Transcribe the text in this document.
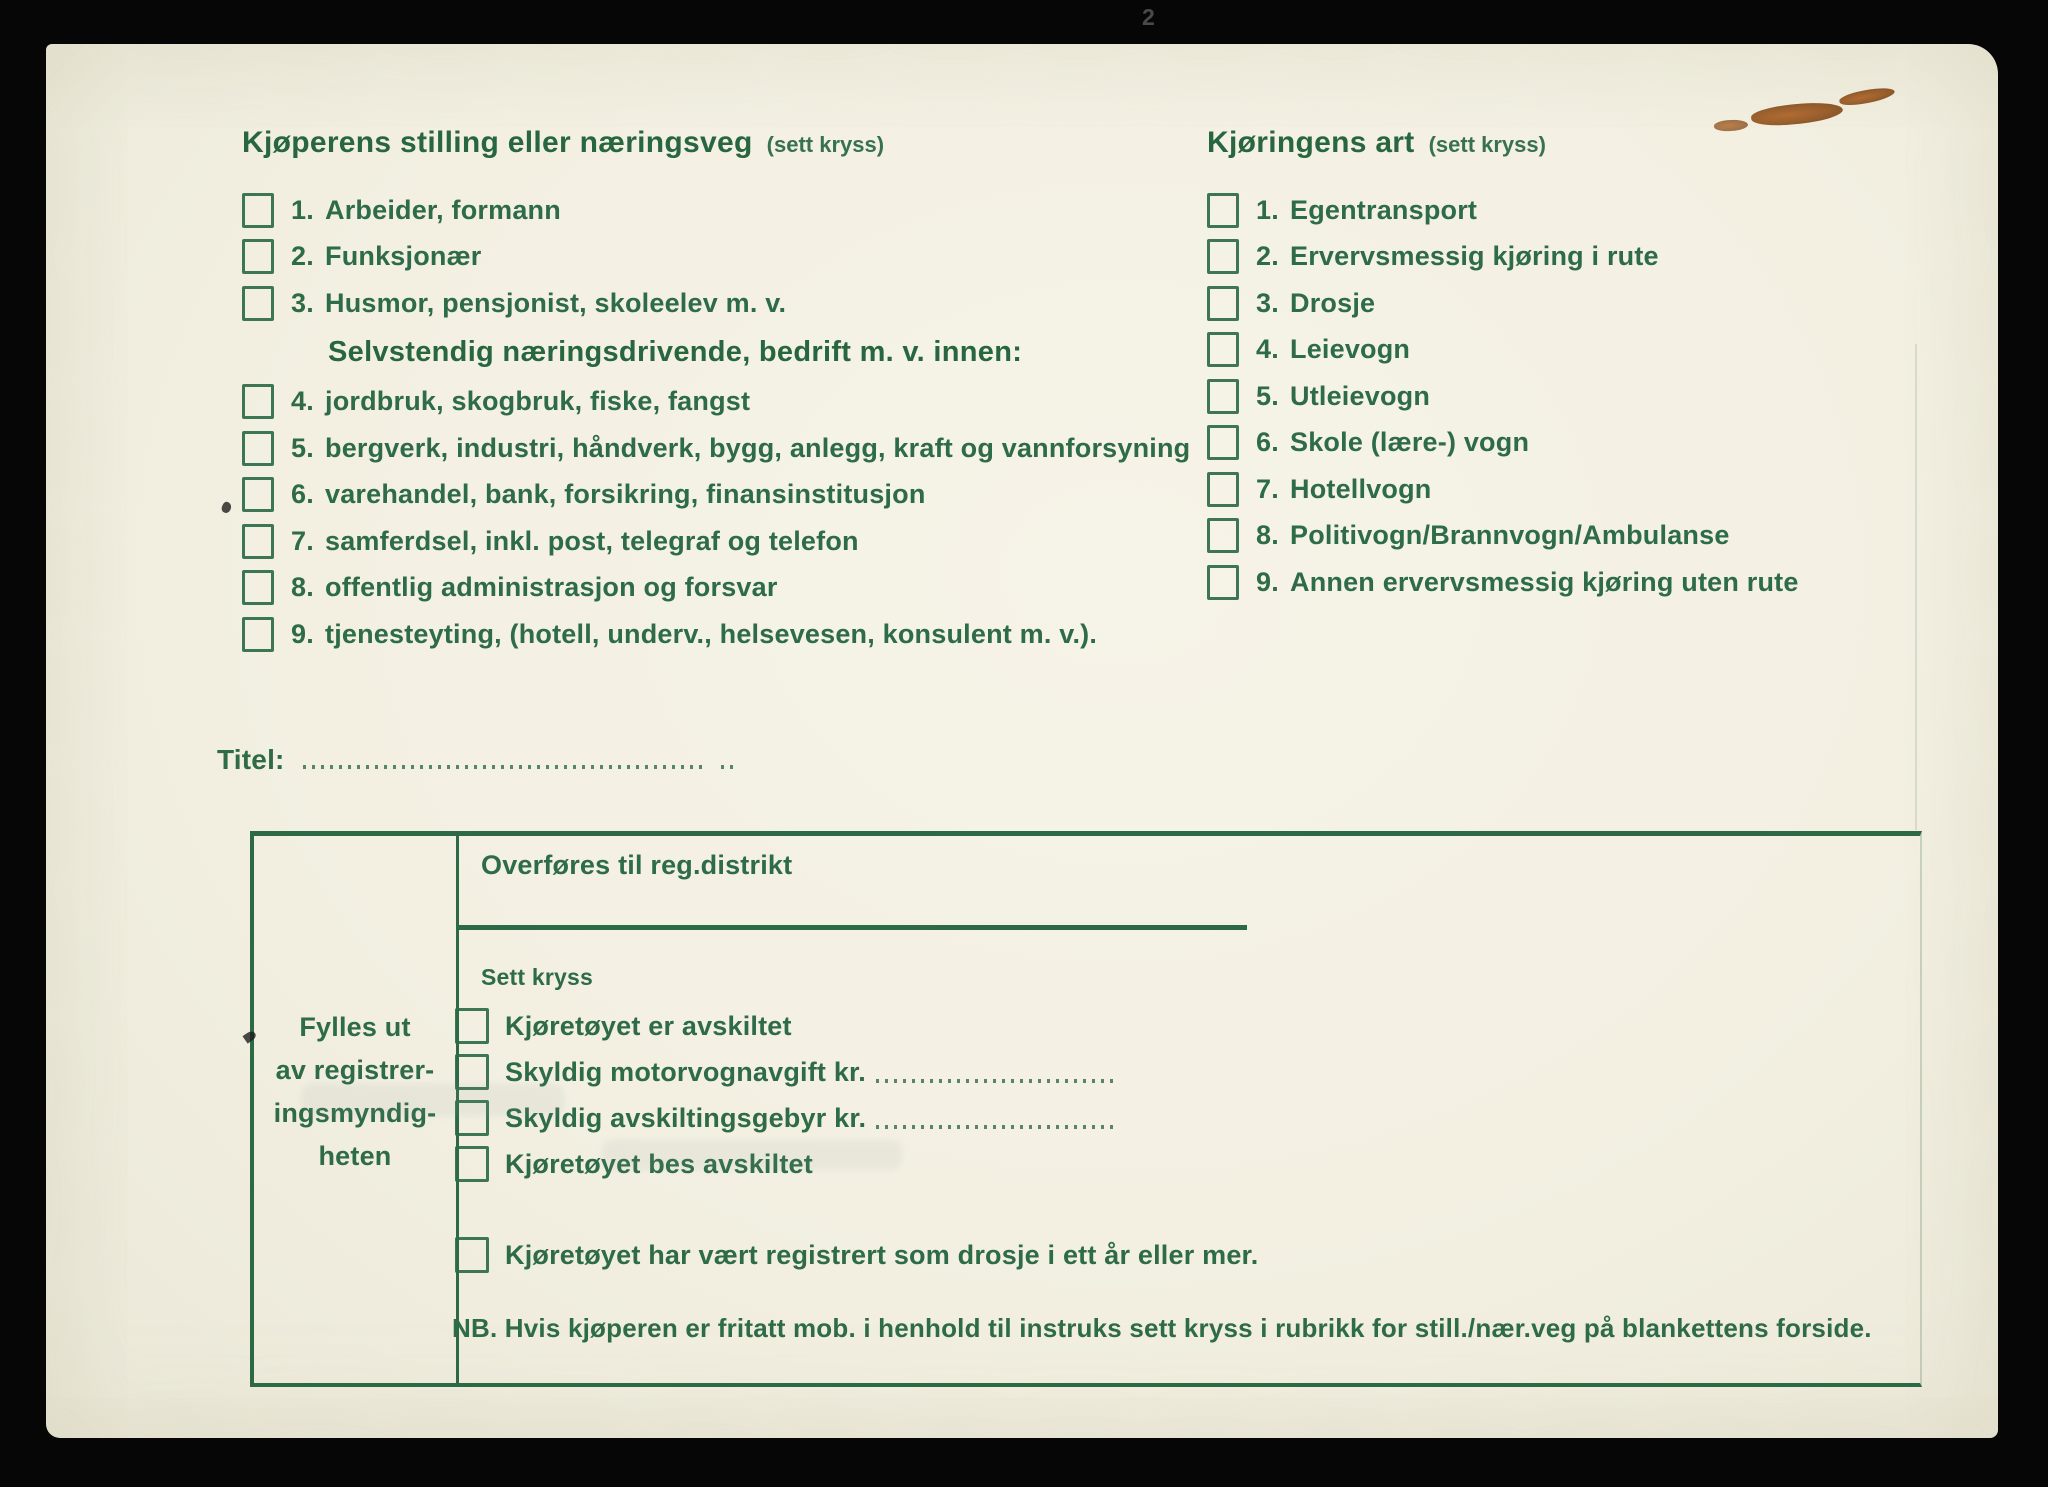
2
Kjøperens stilling eller næringsveg (sett kryss)	Kjøringens art (sett kryss)
1. Arbeider, formann
2. Funksjonær
3. Husmor, pensjonist, skoleelev m. v.
Selvstendig næringsdrivende, bedrift m. v. innen:
4. jordbruk, skogbruk, fiske, fangst
5. bergverk, industri, håndverk, bygg, anlegg, kraft og vannforsyning
6. varehandel, bank, forsikring, finansinstitusjon
7. samferdsel, inkl. post, telegraf og telefon
8. offentlig administrasjon og forsvar
9. tjenesteyting, (hotell, underv., helsevesen, konsulent m. v.).
1. Egentransport
2. Ervervsmessig kjøring i rute
3. Drosje
4. Leievogn
5. Utleievogn
6. Skole (lære-) vogn
7. Hotellvogn
8. Politivogn/Brannvogn/Ambulanse
9. Annen ervervsmessig kjøring uten rute
Titel:
Fylles ut
av registrer-
ingsmyndig-
heten
Overføres til reg.distrikt
Sett kryss
Kjøretøyet er avskiltet
Skyldig motorvognavgift kr.
Skyldig avskiltingsgebyr kr.
Kjøretøyet bes avskiltet
Kjøretøyet har vært registrert som drosje i ett år eller mer.
NB. Hvis kjøperen er fritatt mob. i henhold til instruks sett kryss i rubrikk for still./nær.veg på blankettens forside.
